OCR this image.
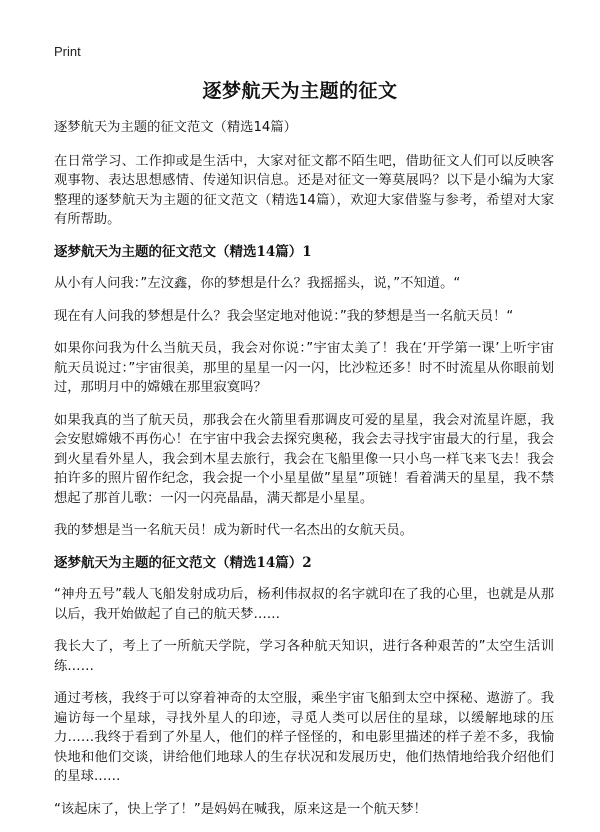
Print
逐梦航天为主题的征文

逐梦航天为主题的征文范文（精选14篇）

在日常学习、工作抑或是生活中，大家对征文都不陌生吧，借助征文人们可以反映客观事物、表达思想感情、传递知识信息。还是对征文一筹莫展吗？以下是小编为大家整理的逐梦航天为主题的征文范文（精选14篇），欢迎大家借鉴与参考，希望对大家有所帮助。

逐梦航天为主题的征文范文（精选14篇）1

从小有人问我：”左汶鑫，你的梦想是什么？我摇摇头，说，”不知道。“

现在有人问我的梦想是什么？我会坚定地对他说：”我的梦想是当一名航天员！“

如果你问我为什么当航天员，我会对你说：”宇宙太美了！我在‘开学第一课’上听宇宙航天员说过：”宇宙很美，那里的星星一闪一闪，比沙粒还多！时不时流星从你眼前划过，那明月中的嫦娥在那里寂寞吗？

如果我真的当了航天员，那我会在火箭里看那调皮可爱的星星，我会对流星许愿，我会安慰嫦娥不再伤心！在宇宙中我会去探究奥秘，我会去寻找宇宙最大的行星，我会到火星看外星人，我会到木星去旅行，我会在飞船里像一只小鸟一样飞来飞去！我会拍许多的照片留作纪念，我会捉一个小星星做”星星”项链！看着满天的星星，我不禁想起了那首儿歌：一闪一闪亮晶晶，满天都是小星星。

我的梦想是当一名航天员！成为新时代一名杰出的女航天员。

逐梦航天为主题的征文范文（精选14篇）2

“神舟五号”载人飞船发射成功后，杨利伟叔叔的名字就印在了我的心里，也就是从那以后，我开始做起了自己的航天梦……

我长大了，考上了一所航天学院，学习各种航天知识，进行各种艰苦的”太空生活训练……

通过考核，我终于可以穿着神奇的太空服，乘坐宇宙飞船到太空中探秘、遨游了。我遍访每一个星球，寻找外星人的印迹，寻觅人类可以居住的星球，以缓解地球的压力……我终于看到了外星人，他们的样子怪怪的，和电影里描述的样子差不多，我愉快地和他们交谈，讲给他们地球人的生存状况和发展历史，他们热情地给我介绍他们的星球……

“该起床了，快上学了！”是妈妈在喊我，原来这是一个航天梦！
